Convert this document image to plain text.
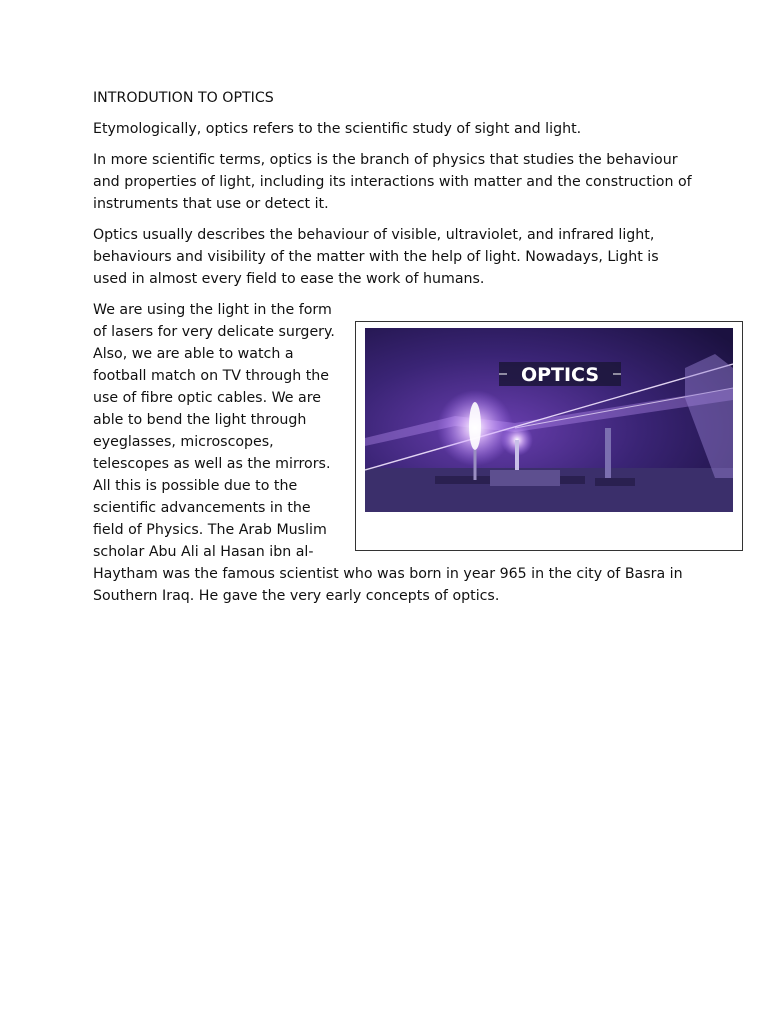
INTRODUTION TO OPTICS

Etymologically, optics refers to the scientific study of sight and light.

In more scientific terms, optics is the branch of physics that studies the behaviour and properties of light, including its interactions with matter and the construction of instruments that use or detect it.

Optics usually describes the behaviour of visible, ultraviolet, and infrared light, behaviours and visibility of the matter with the help of light. Nowadays, Light is used in almost every field to ease the work of humans.

OPTICS

We are using the light in the form of lasers for very delicate surgery. Also, we are able to watch a football match on TV through the use of fibre optic cables. We are able to bend the light through eyeglasses, microscopes, telescopes as well as the mirrors. All this is possible due to the scientific advancements in the field of Physics. The Arab Muslim scholar Abu Ali al Hasan ibn al-Haytham was the famous scientist who was born in year 965 in the city of Basra in Southern Iraq. He gave the very early concepts of optics.
